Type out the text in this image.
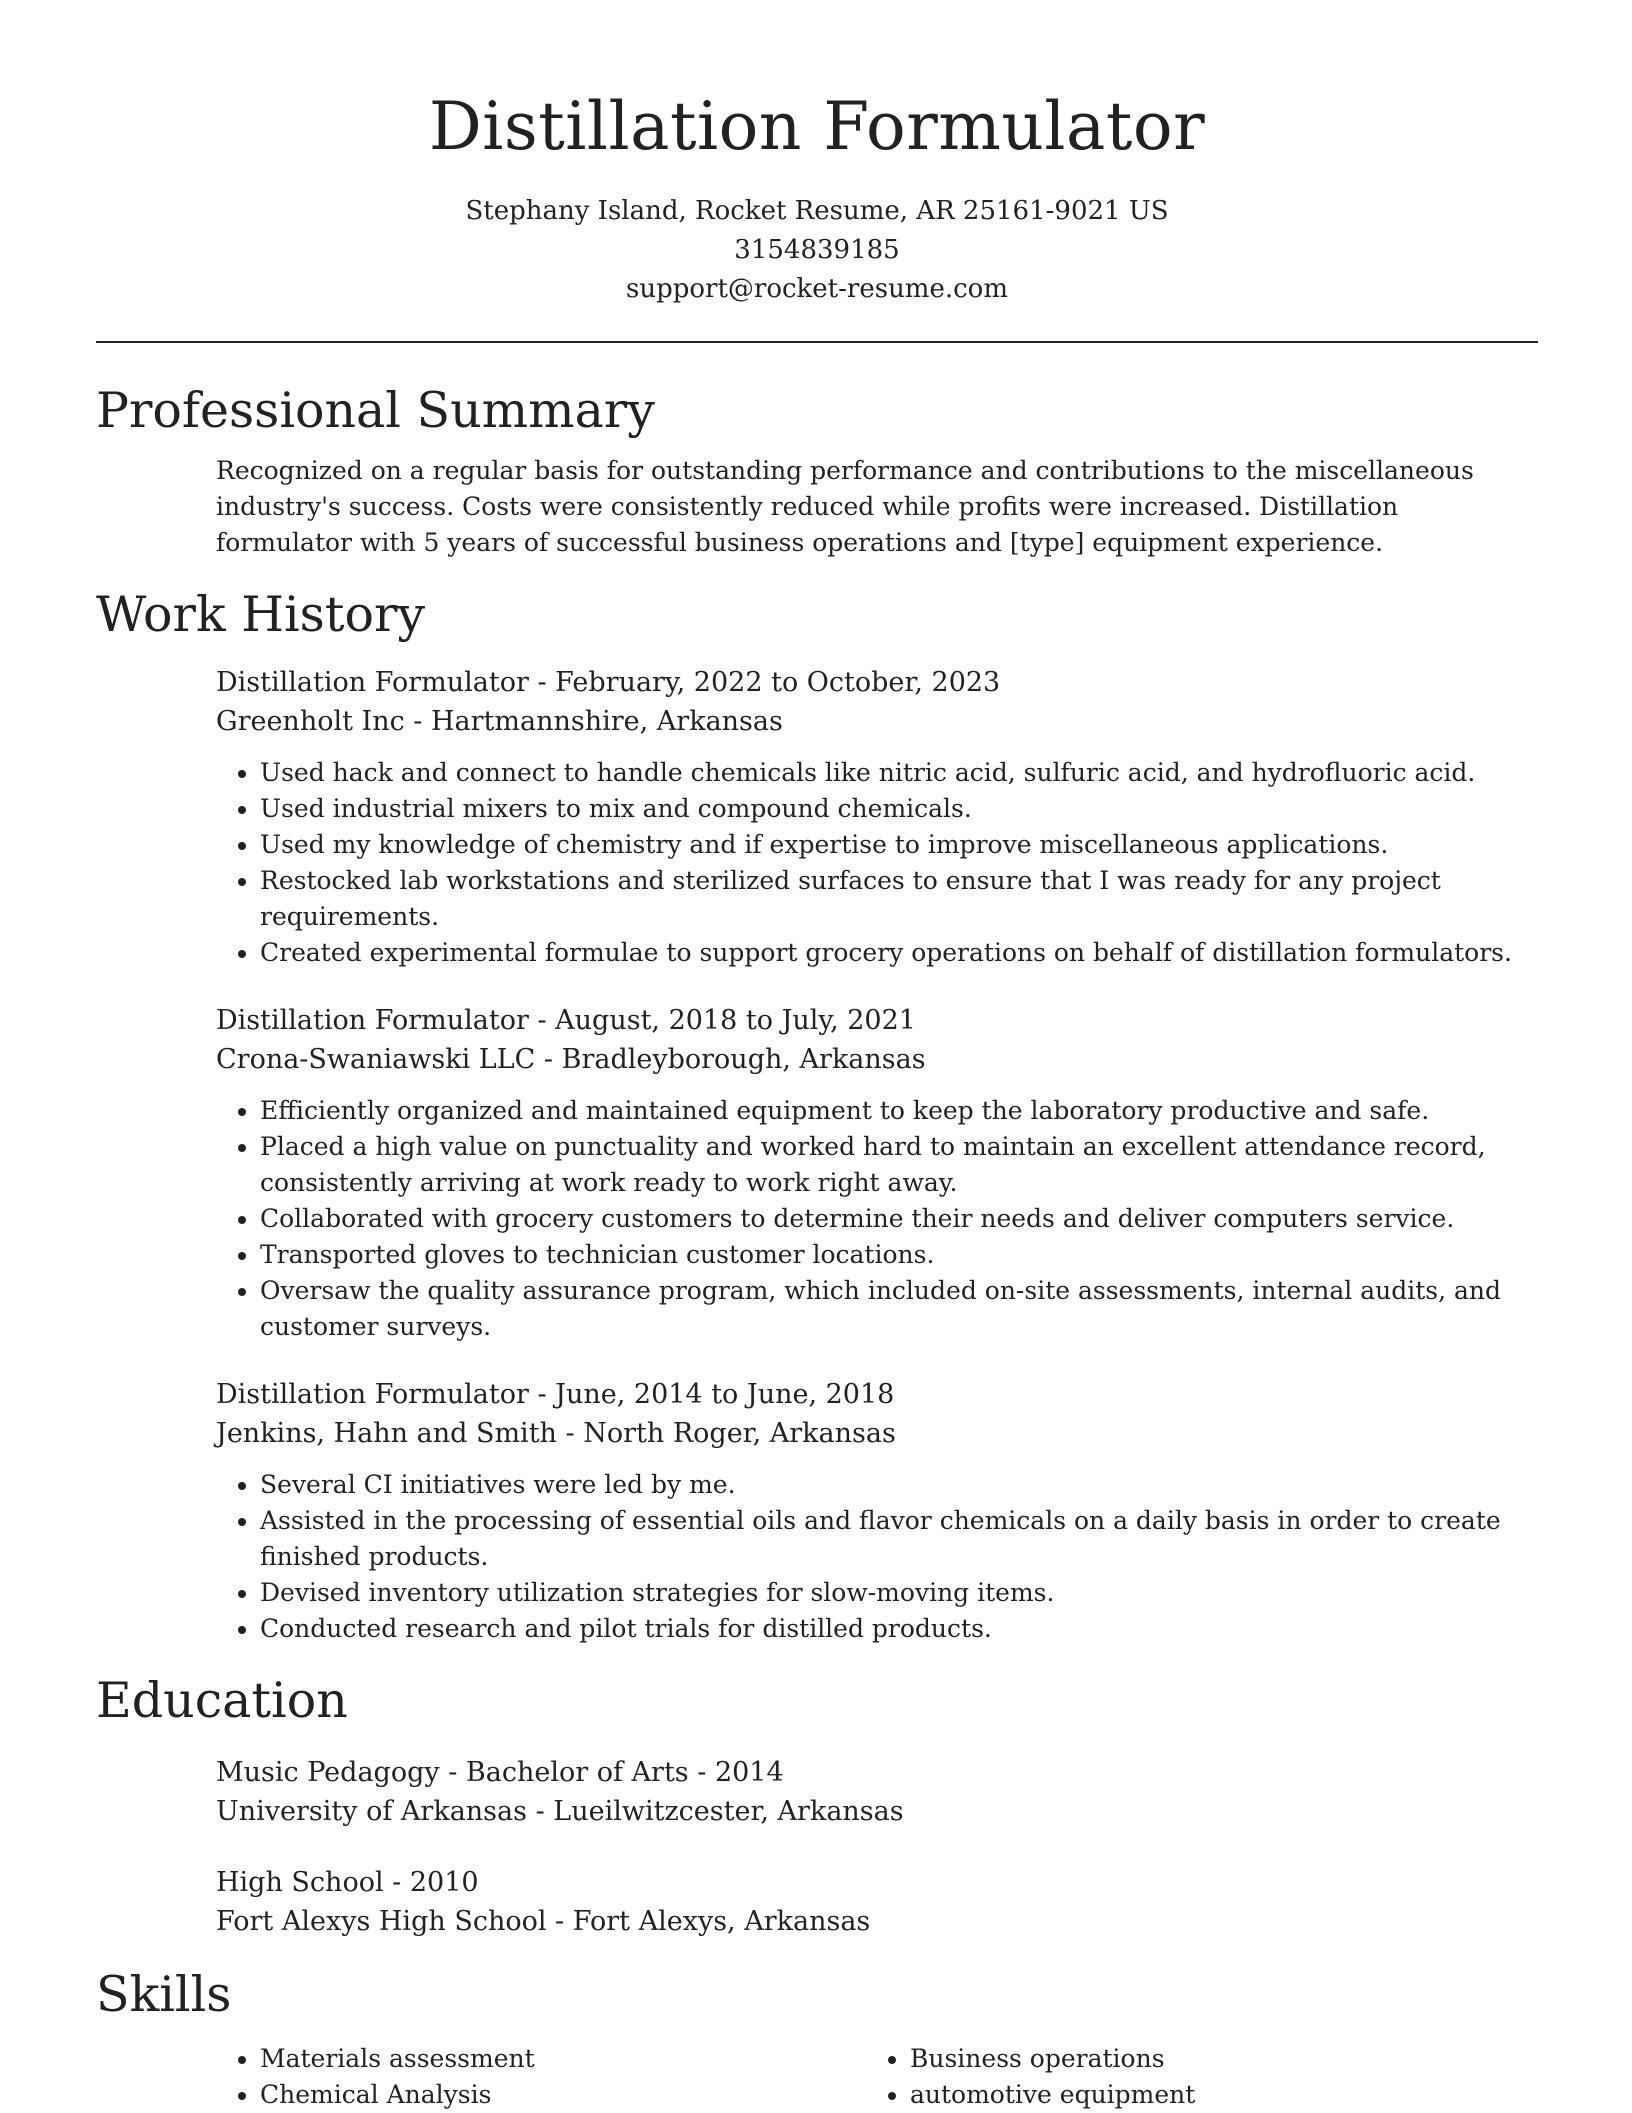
Distillation Formulator
Stephany Island, Rocket Resume, AR 25161-9021 US
3154839185
support@rocket-resume.com
Professional Summary

Recognized on a regular basis for outstanding performance and contributions to the miscellaneous industry's success. Costs were consistently reduced while profits were increased. Distillation formulator with 5 years of successful business operations and [type] equipment experience.

Work History
Distillation Formulator - February, 2022 to October, 2023
Greenholt Inc - Hartmannshire, Arkansas
• Used hack and connect to handle chemicals like nitric acid, sulfuric acid, and hydrofluoric acid.
• Used industrial mixers to mix and compound chemicals.
• Used my knowledge of chemistry and if expertise to improve miscellaneous applications.
• Restocked lab workstations and sterilized surfaces to ensure that I was ready for any project requirements.
• Created experimental formulae to support grocery operations on behalf of distillation formulators.
Distillation Formulator - August, 2018 to July, 2021
Crona-Swaniawski LLC - Bradleyborough, Arkansas
• Efficiently organized and maintained equipment to keep the laboratory productive and safe.
• Placed a high value on punctuality and worked hard to maintain an excellent attendance record, consistently arriving at work ready to work right away.
• Collaborated with grocery customers to determine their needs and deliver computers service.
• Transported gloves to technician customer locations.
• Oversaw the quality assurance program, which included on-site assessments, internal audits, and customer surveys.
Distillation Formulator - June, 2014 to June, 2018
Jenkins, Hahn and Smith - North Roger, Arkansas
• Several CI initiatives were led by me.
• Assisted in the processing of essential oils and flavor chemicals on a daily basis in order to create finished products.
• Devised inventory utilization strategies for slow-moving items.
• Conducted research and pilot trials for distilled products.
Education
Music Pedagogy - Bachelor of Arts - 2014
University of Arkansas - Lueilwitzcester, Arkansas
High School - 2010
Fort Alexys High School - Fort Alexys, Arkansas
Skills
• Materials assessment
• Chemical Analysis
• Business operations
• automotive equipment
